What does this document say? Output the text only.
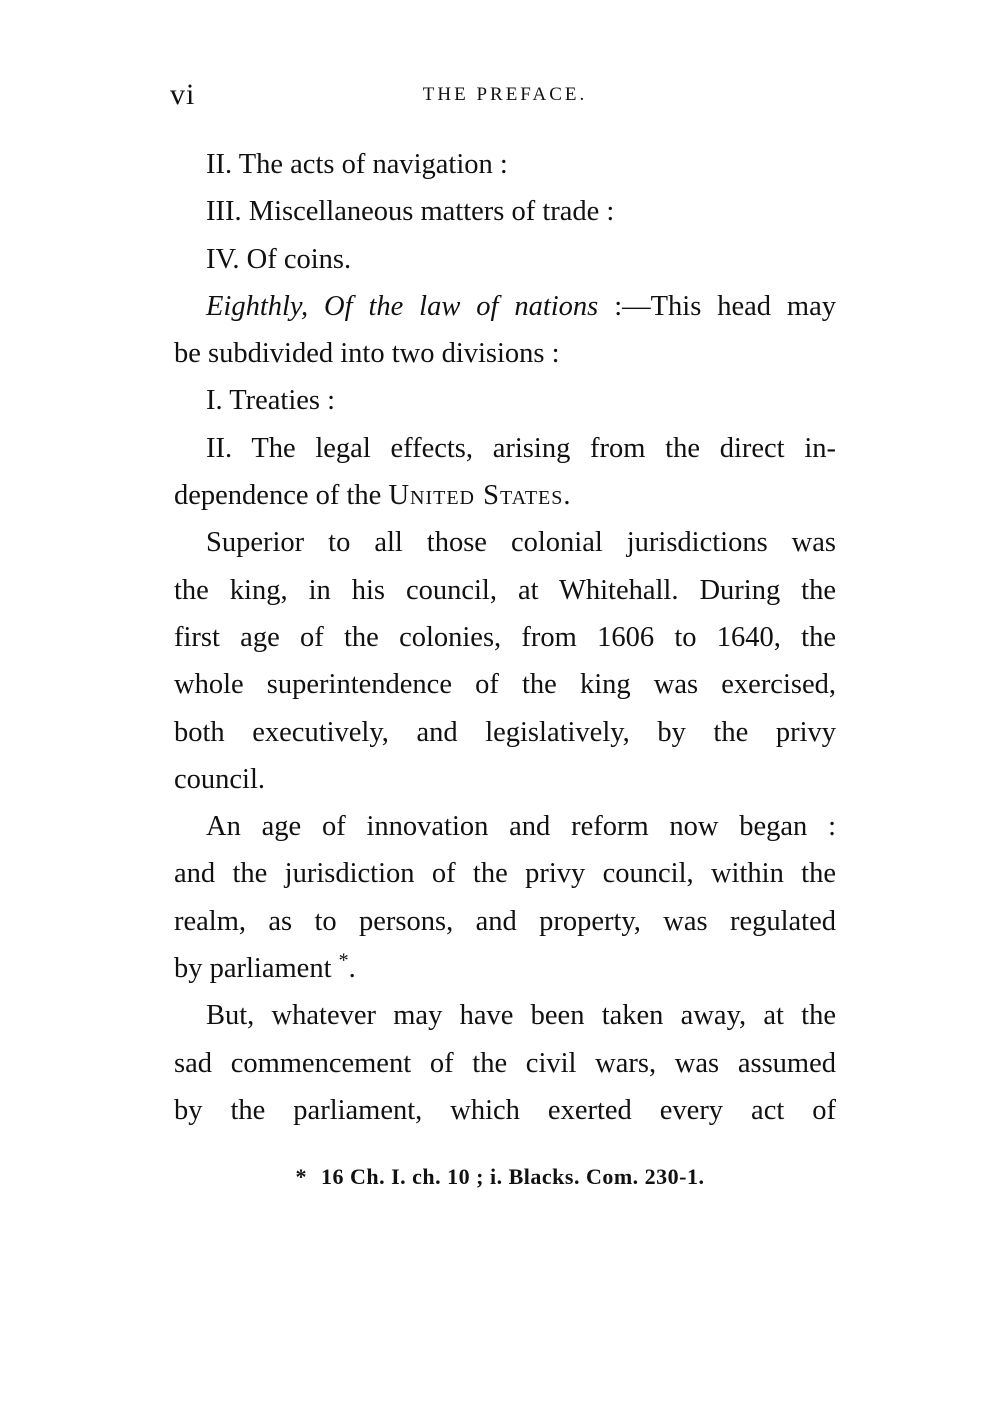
vi	THE PREFACE.
II. The acts of navigation :
III. Miscellaneous matters of trade :
IV. Of coins.
Eighthly, Of the law of nations :—This head may
be subdivided into two divisions :
I. Treaties :
II. The legal effects, arising from the direct in-
dependence of the United States.
Superior to all those colonial jurisdictions was
the king, in his council, at Whitehall. During the
first age of the colonies, from 1606 to 1640, the
whole superintendence of the king was exercised,
both executively, and legislatively, by the privy
council.
An age of innovation and reform now began :
and the jurisdiction of the privy council, within the
realm, as to persons, and property, was regulated
by parliament *.
But, whatever may have been taken away, at the
sad commencement of the civil wars, was assumed
by the parliament, which exerted every act of
* 16 Ch. I. ch. 10 ; i. Blacks. Com. 230-1.
